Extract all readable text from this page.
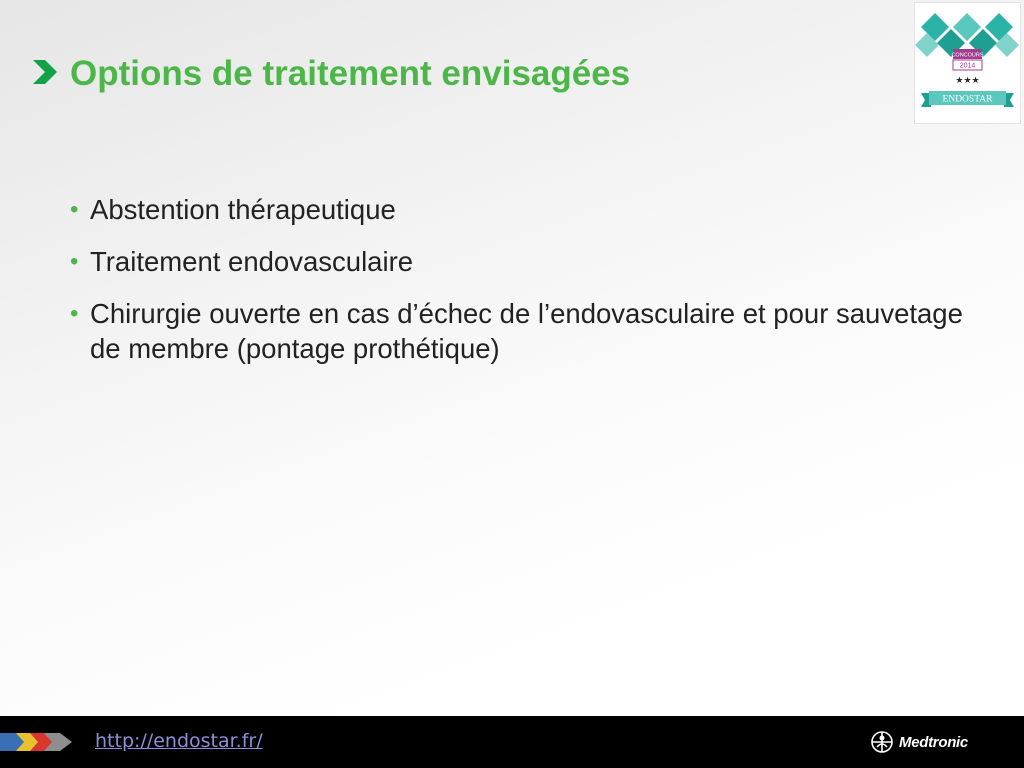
Options de traitement envisagées	CONCOURS
2014
★★★
ENDOSTAR
• Abstention thérapeutique
• Traitement endovasculaire
• Chirurgie ouverte en cas d’échec de l’endovasculaire et pour sauvetage de membre (pontage prothétique)
http://endostar.fr/	Medtronic
